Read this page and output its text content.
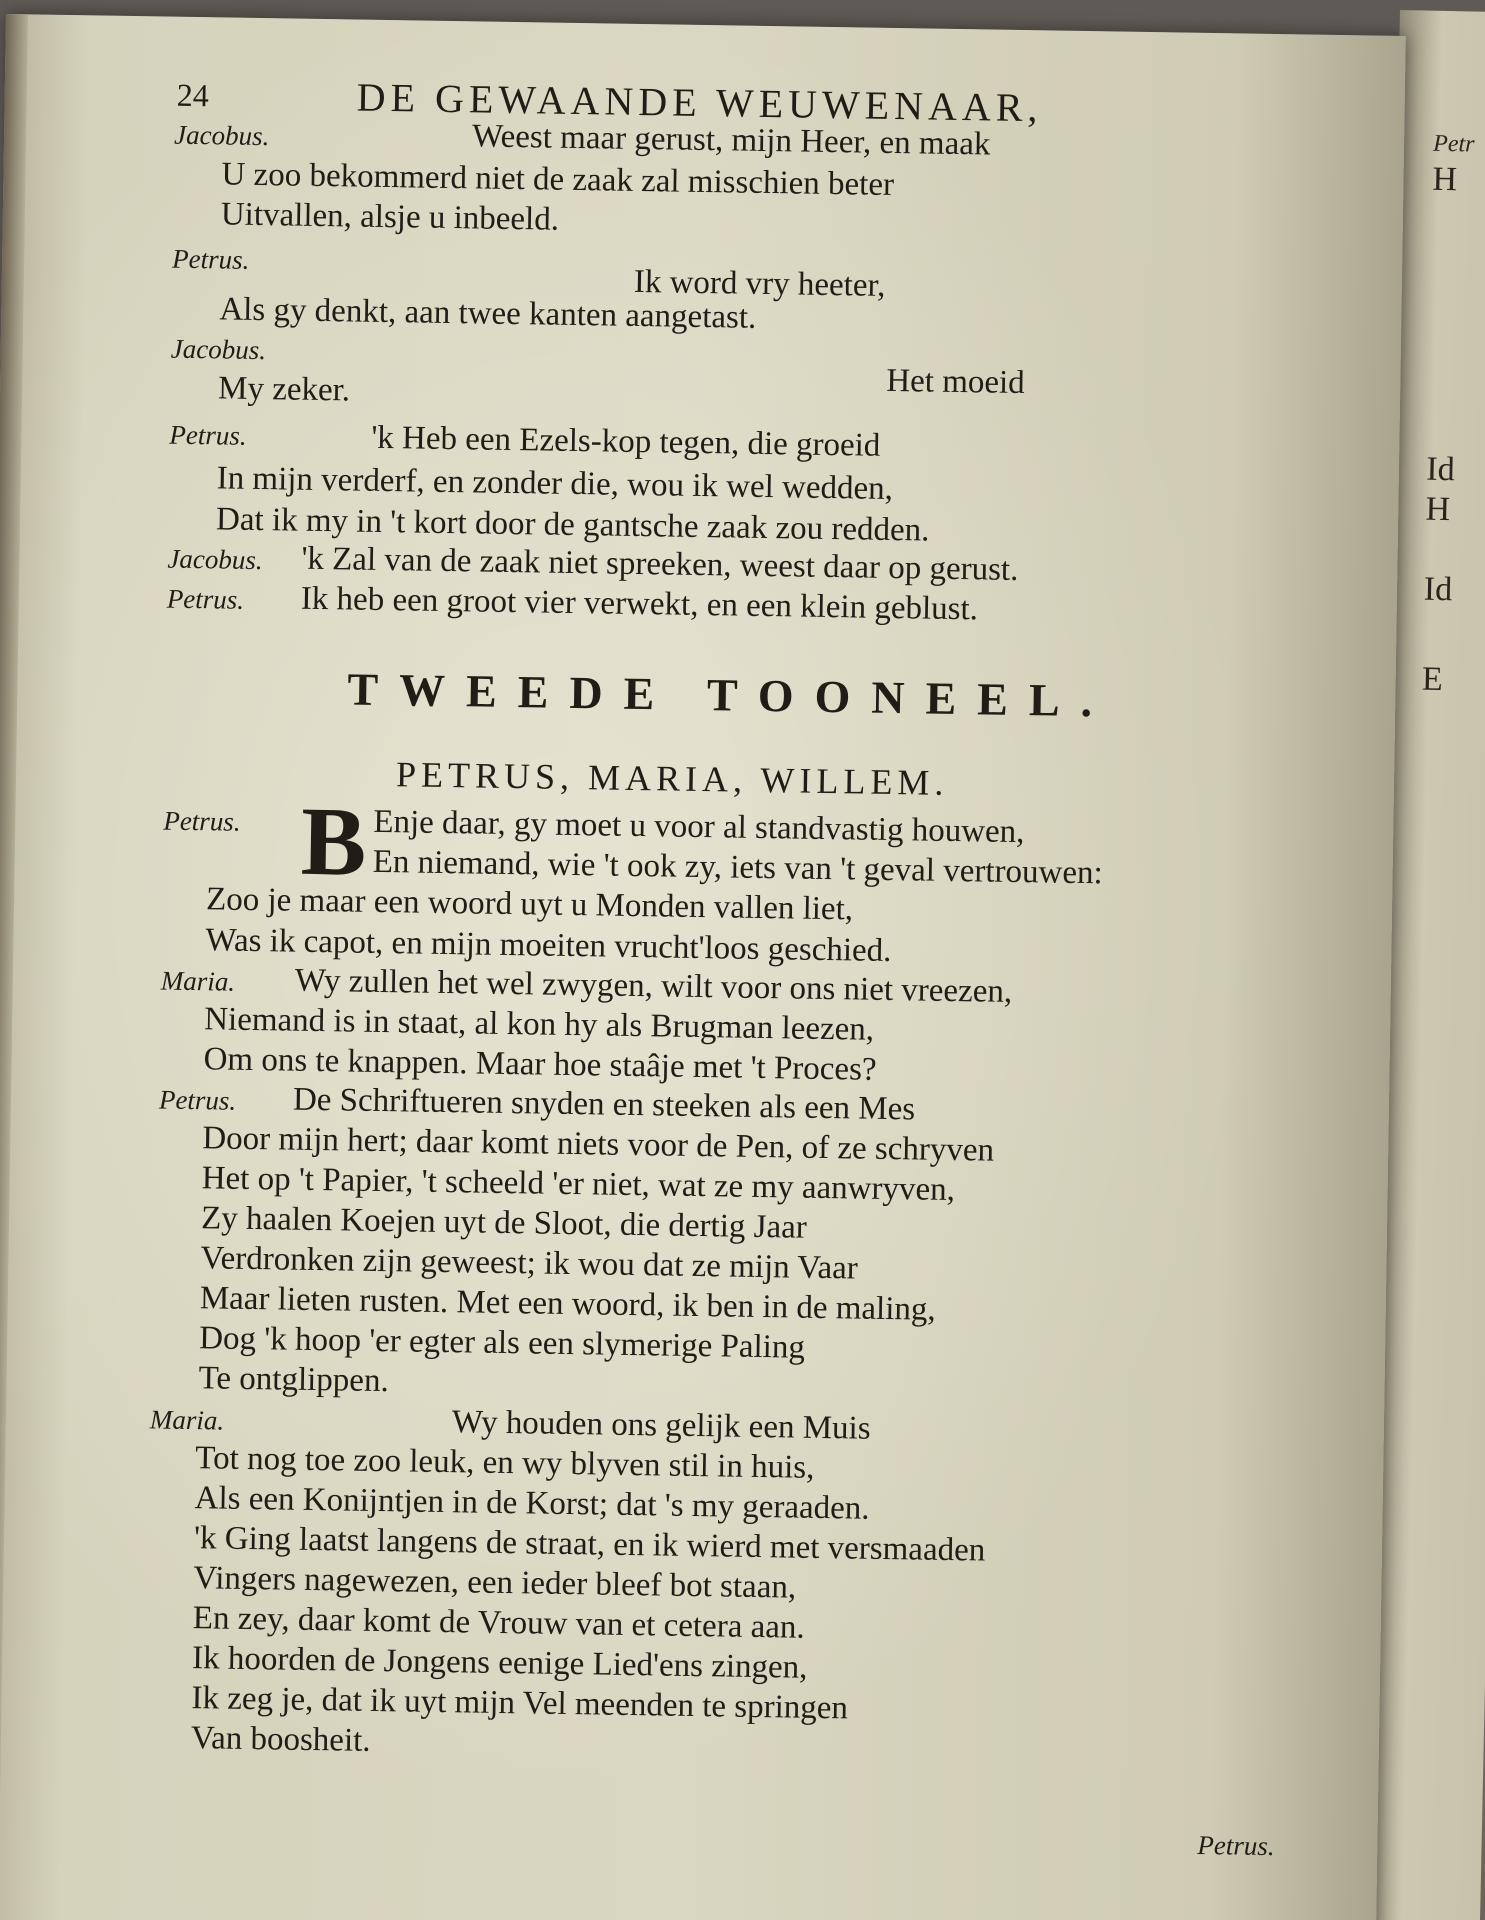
Petr
H
Id
H
Id
E
24	DE GEWAANDE WEUWENAAR,
Jacobus.	Weest maar gerust, mijn Heer, en maak
U zoo bekommerd niet de zaak zal misschien beter
Uitvallen, alsje u inbeeld.
Petrus.
Ik word vry heeter,
Als gy denkt, aan twee kanten aangetast.
Jacobus.
Het moeid
My zeker.
Petrus.	'k Heb een Ezels-kop tegen, die groeid
In mijn verderf, en zonder die, wou ik wel wedden,
Dat ik my in 't kort door de gantsche zaak zou redden.
Jacobus. 'k Zal van de zaak niet spreeken, weest daar op gerust.
Petrus. Ik heb een groot vier verwekt, en een klein geblust.
TWEEDE TOONEEL.
PETRUS, MARIA, WILLEM.
Petrus. B Enje daar, gy moet u voor al standvastig houwen,
En niemand, wie 't ook zy, iets van 't geval vertrouwen:
Zoo je maar een woord uyt u Monden vallen liet,
Was ik capot, en mijn moeiten vrucht'loos geschied.
Maria. Wy zullen het wel zwygen, wilt voor ons niet vreezen,
Niemand is in staat, al kon hy als Brugman leezen,
Om ons te knappen. Maar hoe staâje met 't Proces?
Petrus. De Schriftueren snyden en steeken als een Mes
Door mijn hert; daar komt niets voor de Pen, of ze schryven
Het op 't Papier, 't scheeld 'er niet, wat ze my aanwryven,
Zy haalen Koejen uyt de Sloot, die dertig Jaar
Verdronken zijn geweest; ik wou dat ze mijn Vaar
Maar lieten rusten. Met een woord, ik ben in de maling,
Dog 'k hoop 'er egter als een slymerige Paling
Te ontglippen.
Maria.	Wy houden ons gelijk een Muis
Tot nog toe zoo leuk, en wy blyven stil in huis,
Als een Konijntjen in de Korst; dat 's my geraaden.
'k Ging laatst langens de straat, en ik wierd met versmaaden
Vingers nagewezen, een ieder bleef bot staan,
En zey, daar komt de Vrouw van et cetera aan.
Ik hoorden de Jongens eenige Lied'ens zingen,
Ik zeg je, dat ik uyt mijn Vel meenden te springen
Van boosheit.
Petrus.
